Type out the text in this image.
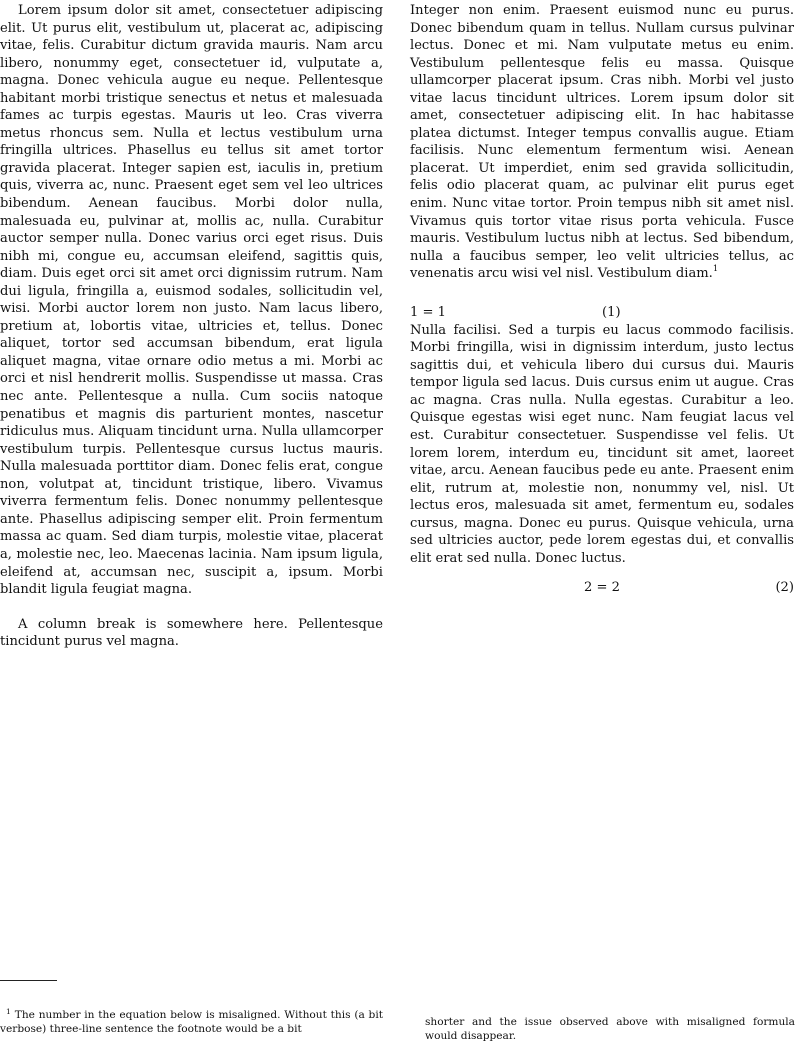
Lorem ipsum dolor sit amet, consectetuer adipiscing elit. Ut purus elit, vestibulum ut, placerat ac, adipiscing vitae, felis. Curabitur dictum gravida mauris. Nam arcu libero, nonummy eget, consectetuer id, vulputate a, magna. Donec vehicula augue eu neque. Pellentesque habitant morbi tristique senectus et netus et malesuada fames ac turpis egestas. Mauris ut leo. Cras viverra metus rhoncus sem. Nulla et lectus vestibulum urna fringilla ultrices. Phasellus eu tellus sit amet tortor gravida placerat. Integer sapien est, iaculis in, pretium quis, viverra ac, nunc. Praesent eget sem vel leo ultrices bibendum. Aenean faucibus. Morbi dolor nulla, malesuada eu, pulvinar at, mollis ac, nulla. Curabitur auctor semper nulla. Donec varius orci eget risus. Duis nibh mi, congue eu, accumsan eleifend, sagittis quis, diam. Duis eget orci sit amet orci dignissim rutrum. Nam dui ligula, fringilla a, euismod sodales, sollicitudin vel, wisi. Morbi auctor lorem non justo. Nam lacus libero, pretium at, lobortis vitae, ultricies et, tellus. Donec aliquet, tortor sed accumsan bibendum, erat ligula aliquet magna, vitae ornare odio metus a mi. Morbi ac orci et nisl hendrerit mollis. Suspendisse ut massa. Cras nec ante. Pellentesque a nulla. Cum sociis natoque penatibus et magnis dis parturient montes, nascetur ridiculus mus. Aliquam tincidunt urna. Nulla ullamcorper vestibulum turpis. Pellentesque cursus luctus mauris. Nulla malesuada porttitor diam. Donec felis erat, congue non, volutpat at, tincidunt tristique, libero. Vivamus viverra fermentum felis. Donec nonummy pellentesque ante. Phasellus adipiscing semper elit. Proin fermentum massa ac quam. Sed diam turpis, molestie vitae, placerat a, molestie nec, leo. Maecenas lacinia. Nam ipsum ligula, eleifend at, accumsan nec, suscipit a, ipsum. Morbi blandit ligula feugiat magna.

A column break is somewhere here. Pellentesque tincidunt purus vel magna.

Integer non enim. Praesent euismod nunc eu purus. Donec bibendum quam in tellus. Nullam cursus pulvinar lectus. Donec et mi. Nam vulputate metus eu enim. Vestibulum pellentesque felis eu massa. Quisque ullamcorper placerat ipsum. Cras nibh. Morbi vel justo vitae lacus tincidunt ultrices. Lorem ipsum dolor sit amet, consectetuer adipiscing elit. In hac habitasse platea dictumst. Integer tempus convallis augue. Etiam facilisis. Nunc elementum fermentum wisi. Aenean placerat. Ut imperdiet, enim sed gravida sollicitudin, felis odio placerat quam, ac pulvinar elit purus eget enim. Nunc vitae tortor. Proin tempus nibh sit amet nisl. Vivamus quis tortor vitae risus porta vehicula. Fusce mauris. Vestibulum luctus nibh at lectus. Sed bibendum, nulla a faucibus semper, leo velit ultricies tellus, ac venenatis arcu wisi vel nisl. Vestibulum diam.$^1$

1 = 1	(1)

Nulla facilisi. Sed a turpis eu lacus commodo facilisis. Morbi fringilla, wisi in dignissim interdum, justo lectus sagittis dui, et vehicula libero dui cursus dui. Mauris tempor ligula sed lacus. Duis cursus enim ut augue. Cras ac magna. Cras nulla. Nulla egestas. Curabitur a leo. Quisque egestas wisi eget nunc. Nam feugiat lacus vel est. Curabitur consectetuer. Suspendisse vel felis. Ut lorem lorem, interdum eu, tincidunt sit amet, laoreet vitae, arcu. Aenean faucibus pede eu ante. Praesent enim elit, rutrum at, molestie non, nonummy vel, nisl. Ut lectus eros, malesuada sit amet, fermentum eu, sodales cursus, magna. Donec eu purus. Quisque vehicula, urna sed ultricies auctor, pede lorem egestas dui, et convallis elit erat sed nulla. Donec luctus.

2 = 2	(2)
1 The number in the equation below is misaligned. Without this (a bit verbose) three-line sentence the footnote would be a bit
shorter and the issue observed above with misaligned formula would disappear.
